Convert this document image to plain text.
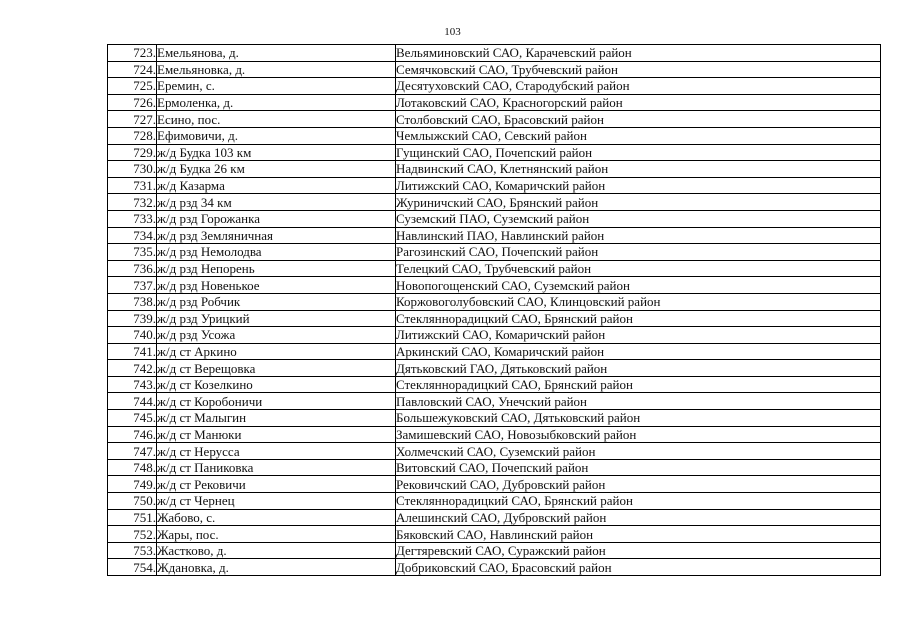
103
723.	Емельянова, д.	Вельяминовский САО, Карачевский район
724.	Емельяновка, д.	Семячковский САО, Трубчевский район
725.	Еремин, с.	Десятуховский САО, Стародубский район
726.	Ермоленка, д.	Лотаковский САО, Красногорский район
727.	Есино, пос.	Столбовский САО, Брасовский район
728.	Ефимовичи, д.	Чемлыжский САО, Севский район
729.	ж/д Будка 103 км	Гущинский САО, Почепский район
730.	ж/д Будка 26 км	Надвинский САО, Клетнянский район
731.	ж/д Казарма	Литижский САО, Комаричский район
732.	ж/д рзд 34 км	Журиничский САО, Брянский район
733.	ж/д рзд Горожанка	Суземский ПАО, Суземский район
734.	ж/д рзд Земляничная	Навлинский ПАО, Навлинский район
735.	ж/д рзд Немолодва	Рагозинский САО, Почепский район
736.	ж/д рзд Непорень	Телецкий САО, Трубчевский район
737.	ж/д рзд Новенькое	Новопогощенский САО, Суземский район
738.	ж/д рзд Робчик	Коржовоголубовский САО, Клинцовский район
739.	ж/д рзд Урицкий	Стекляннорадицкий САО, Брянский район
740.	ж/д рзд Усожа	Литижский САО, Комаричский район
741.	ж/д ст Аркино	Аркинский САО, Комаричский район
742.	ж/д ст Верещовка	Дятьковский ГАО, Дятьковский район
743.	ж/д ст Козелкино	Стекляннорадицкий САО, Брянский район
744.	ж/д ст Коробоничи	Павловский САО, Унечский район
745.	ж/д ст Малыгин	Большежуковский САО, Дятьковский район
746.	ж/д ст Манюки	Замишевский САО, Новозыбковский район
747.	ж/д ст Нерусса	Холмечский САО, Суземский район
748.	ж/д ст Паниковка	Витовский САО, Почепский район
749.	ж/д ст Рековичи	Рековичский САО, Дубровский район
750.	ж/д ст Чернец	Стекляннорадицкий САО, Брянский район
751.	Жабово, с.	Алешинский САО, Дубровский район
752.	Жары, пос.	Бяковский САО, Навлинский район
753.	Жастково, д.	Дегтяревский САО, Суражский район
754.	Ждановка, д.	Добриковский САО, Брасовский район
